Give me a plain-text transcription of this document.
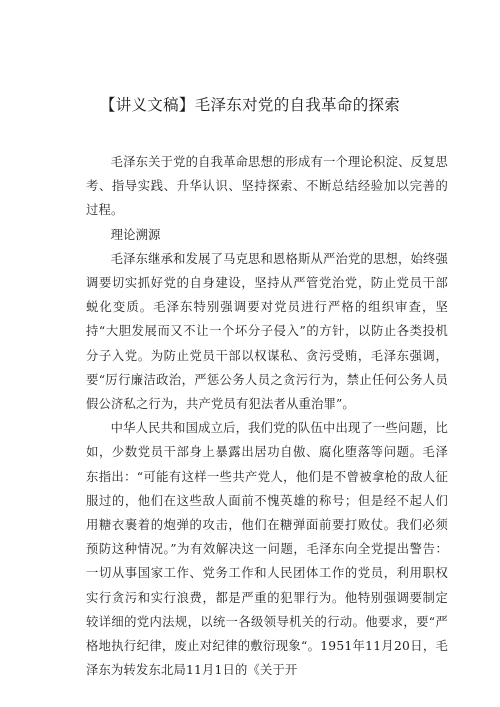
【讲义文稿】毛泽东对党的自我革命的探索

毛泽东关于党的自我革命思想的形成有一个理论积淀、反复思考、指导实践、升华认识、坚持探索、不断总结经验加以完善的过程。

理论溯源

毛泽东继承和发展了马克思和恩格斯从严治党的思想，始终强调要切实抓好党的自身建设，坚持从严管党治党，防止党员干部蜕化变质。毛泽东特别强调要对党员进行严格的组织审查，坚持“大胆发展而又不让一个坏分子侵入”的方针，以防止各类投机分子入党。为防止党员干部以权谋私、贪污受贿，毛泽东强调，要“厉行廉洁政治，严惩公务人员之贪污行为，禁止任何公务人员假公济私之行为，共产党员有犯法者从重治罪”。

中华人民共和国成立后，我们党的队伍中出现了一些问题，比如，少数党员干部身上暴露出居功自傲、腐化堕落等问题。毛泽东指出：“可能有这样一些共产党人，他们是不曾被拿枪的敌人征服过的，他们在这些敌人面前不愧英雄的称号；但是经不起人们用糖衣裹着的炮弹的攻击，他们在糖弹面前要打败仗。我们必须预防这种情况。”为有效解决这一问题，毛泽东向全党提出警告：一切从事国家工作、党务工作和人民团体工作的党员，利用职权实行贪污和实行浪费，都是严重的犯罪行为。他特别强调要制定较详细的党内法规，以统一各级领导机关的行动。他要求，要“严格地执行纪律，废止对纪律的敷衍现象“。1951年11月20日，毛泽东为转发东北局11月1日的《关于开
